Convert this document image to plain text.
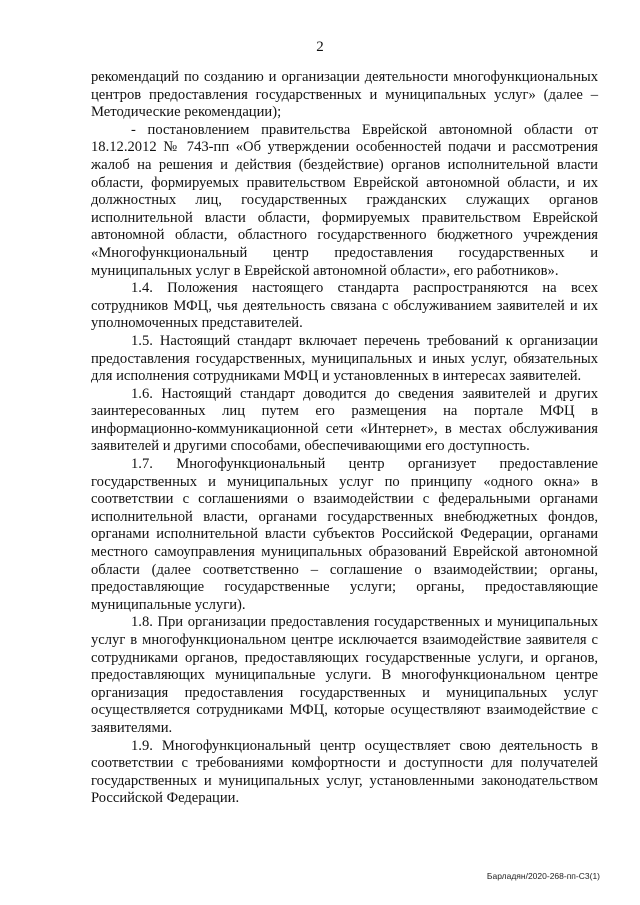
2

рекомендаций по созданию и организации деятельности многофункциональных центров предоставления государственных и муниципальных услуг» (далее – Методические рекомендации);

- постановлением правительства Еврейской автономной области от 18.12.2012 № 743-пп «Об утверждении особенностей подачи и рассмотрения жалоб на решения и действия (бездействие) органов исполнительной власти области, формируемых правительством Еврейской автономной области, и их должностных лиц, государственных гражданских служащих органов исполнительной власти области, формируемых правительством Еврейской автономной области, областного государственного бюджетного учреждения «Многофункциональный центр предоставления государственных и муниципальных услуг в Еврейской автономной области», его работников».

1.4. Положения настоящего стандарта распространяются на всех сотрудников МФЦ, чья деятельность связана с обслуживанием заявителей и их уполномоченных представителей.

1.5. Настоящий стандарт включает перечень требований к организации предоставления государственных, муниципальных и иных услуг, обязательных для исполнения сотрудниками МФЦ и установленных в интересах заявителей.

1.6. Настоящий стандарт доводится до сведения заявителей и других заинтересованных лиц путем его размещения на портале МФЦ в информационно-коммуникационной сети «Интернет», в местах обслуживания заявителей и другими способами, обеспечивающими его доступность.

1.7. Многофункциональный центр организует предоставление государственных и муниципальных услуг по принципу «одного окна» в соответствии с соглашениями о взаимодействии с федеральными органами исполнительной власти, органами государственных внебюджетных фондов, органами исполнительной власти субъектов Российской Федерации, органами местного самоуправления муниципальных образований Еврейской автономной области (далее соответственно – соглашение о взаимодействии; органы, предоставляющие государственные услуги; органы, предоставляющие муниципальные услуги).

1.8. При организации предоставления государственных и муниципальных услуг в многофункциональном центре исключается взаимодействие заявителя с сотрудниками органов, предоставляющих государственные услуги, и органов, предоставляющих муниципальные услуги. В многофункциональном центре организация предоставления государственных и муниципальных услуг осуществляется сотрудниками МФЦ, которые осуществляют взаимодействие с заявителями.

1.9. Многофункциональный центр осуществляет свою деятельность в соответствии с требованиями комфортности и доступности для получателей государственных и муниципальных услуг, установленными законодательством Российской Федерации.

Барладян/2020-268-пп-С3(1)
